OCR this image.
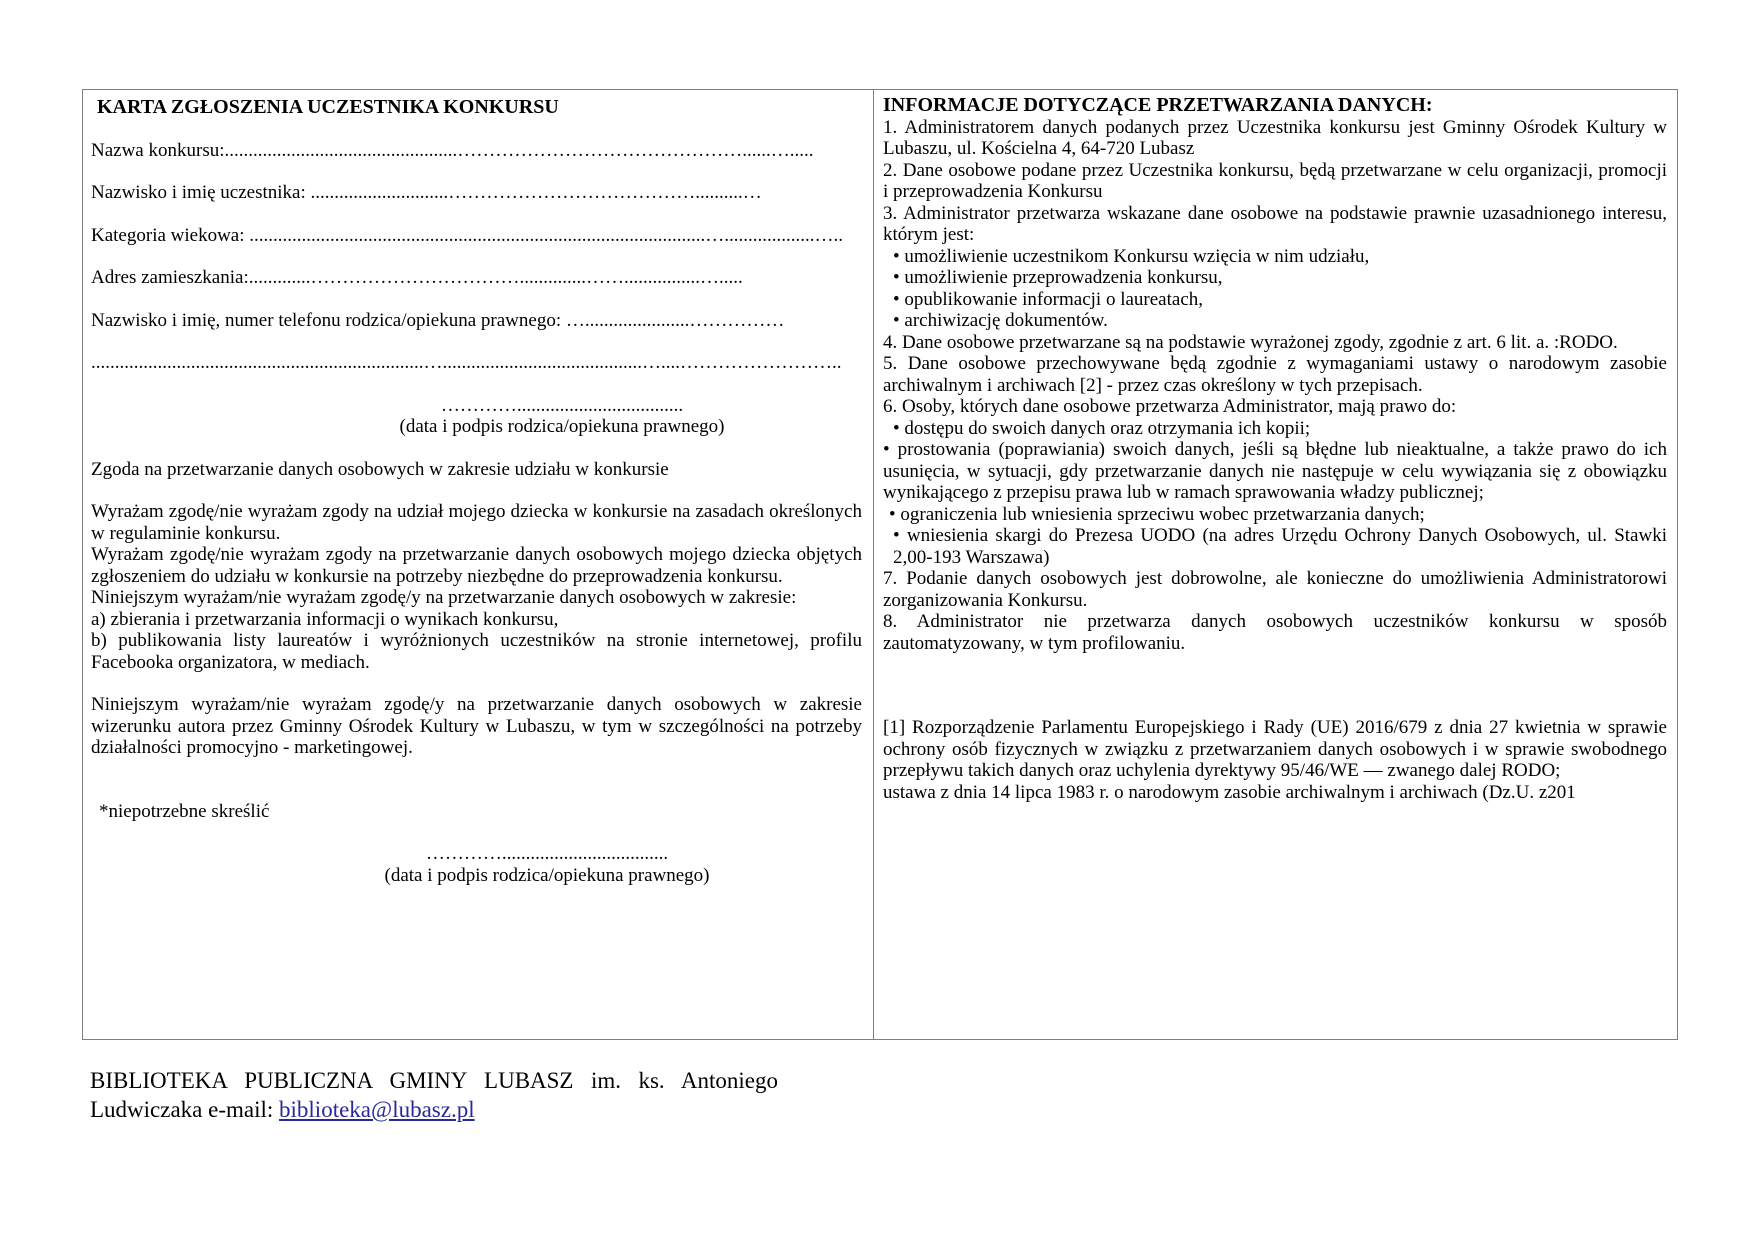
KARTA ZGŁOSZENIA UCZESTNIKA KONKURSU

Nazwa konkursu:.................................................………………………………………......….....

Nazwisko i imię uczestnika: .............................…………………………………..........…

Kategoria wiekowa: ................................................................................................…...................…..

Adres zamieszkania:.............……………………………..............……................….....

Nazwisko i imię, numer telefonu rodzica/opiekuna prawnego: …......................……………

......................................................................…..........................................…....……………………..

…………...................................

(data i podpis rodzica/opiekuna prawnego)

Zgoda na przetwarzanie danych osobowych w zakresie udziału w konkursie

Wyrażam zgodę/nie wyrażam zgody na udział mojego dziecka w konkursie na zasadach określonych w regulaminie konkursu.

Wyrażam zgodę/nie wyrażam zgody na przetwarzanie danych osobowych mojego dziecka objętych zgłoszeniem do udziału w konkursie na potrzeby niezbędne do przeprowadzenia konkursu.

Niniejszym wyrażam/nie wyrażam zgodę/y na przetwarzanie danych osobowych w zakresie:

a) zbierania i przetwarzania informacji o wynikach konkursu,

b) publikowania listy laureatów i wyróżnionych uczestników na stronie internetowej, profilu Facebooka organizatora, w mediach.

Niniejszym wyrażam/nie wyrażam zgodę/y na przetwarzanie danych osobowych w zakresie wizerunku autora przez Gminny Ośrodek Kultury w Lubaszu, w tym w szczególności na potrzeby działalności promocyjno - marketingowej.

*niepotrzebne skreślić

…………...................................

(data i podpis rodzica/opiekuna prawnego)

INFORMACJE DOTYCZĄCE PRZETWARZANIA DANYCH:

1. Administratorem danych podanych przez Uczestnika konkursu jest Gminny Ośrodek Kultury w Lubaszu, ul. Kościelna 4, 64-720 Lubasz

2. Dane osobowe podane przez Uczestnika konkursu, będą przetwarzane w celu organizacji, promocji i przeprowadzenia Konkursu

3. Administrator przetwarza wskazane dane osobowe na podstawie prawnie uzasadnionego interesu, którym jest:

• umożliwienie uczestnikom Konkursu wzięcia w nim udziału,

• umożliwienie przeprowadzenia konkursu,

• opublikowanie informacji o laureatach,

• archiwizację dokumentów.

4. Dane osobowe przetwarzane są na podstawie wyrażonej zgody, zgodnie z art. 6 lit. a. :RODO.

5. Dane osobowe przechowywane będą zgodnie z wymaganiami ustawy o narodowym zasobie archiwalnym i archiwach [2] - przez czas określony w tych przepisach.

6. Osoby, których dane osobowe przetwarza Administrator, mają prawo do:

• dostępu do swoich danych oraz otrzymania ich kopii;

• prostowania (poprawiania) swoich danych, jeśli są błędne lub nieaktualne, a także prawo do ich usunięcia, w sytuacji, gdy przetwarzanie danych nie następuje w celu wywiązania się z obowiązku wynikającego z przepisu prawa lub w ramach sprawowania władzy publicznej;

• ograniczenia lub wniesienia sprzeciwu wobec przetwarzania danych;

• wniesienia skargi do Prezesa UODO (na adres Urzędu Ochrony Danych Osobowych, ul. Stawki 2,00-193 Warszawa)

7. Podanie danych osobowych jest dobrowolne, ale konieczne do umożliwienia Administratorowi zorganizowania Konkursu.

8. Administrator nie przetwarza danych osobowych uczestników konkursu w sposób zautomatyzowany, w tym profilowaniu.

[1] Rozporządzenie Parlamentu Europejskiego i Rady (UE) 2016/679 z dnia 27 kwietnia w sprawie ochrony osób fizycznych w związku z przetwarzaniem danych osobowych i w sprawie swobodnego przepływu takich danych oraz uchylenia dyrektywy 95/46/WE — zwanego dalej RODO;

ustawa z dnia 14 lipca 1983 r. o narodowym zasobie archiwalnym i archiwach (Dz.U. z201

BIBLIOTEKA PUBLICZNA GMINY LUBASZ im. ks. Antoniego
Ludwiczaka e-mail: biblioteka@lubasz.pl
